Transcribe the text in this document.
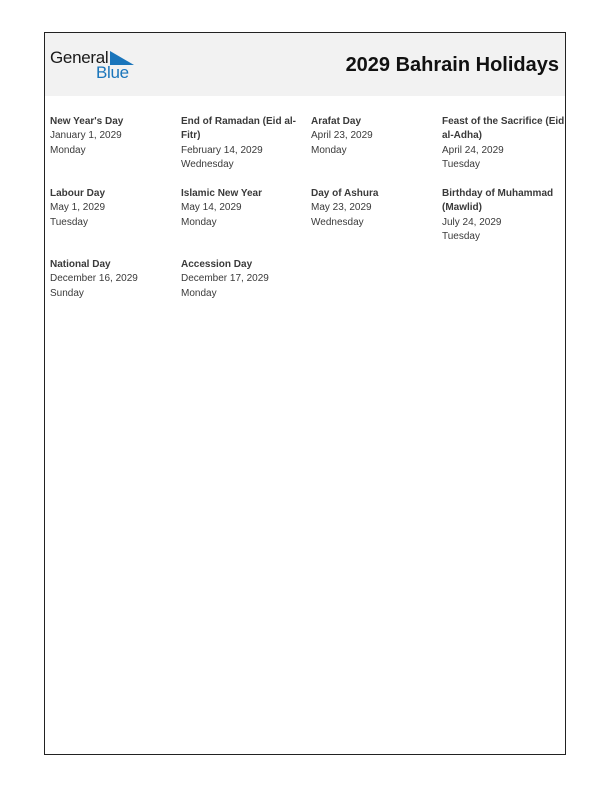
General
Blue	2029 Bahrain Holidays
New Year's Day
January 1, 2029
Monday
End of Ramadan (Eid al-Fitr)
February 14, 2029
Wednesday
Arafat Day
April 23, 2029
Monday
Feast of the Sacrifice (Eid al-Adha)
April 24, 2029
Tuesday
Labour Day
May 1, 2029
Tuesday
Islamic New Year
May 14, 2029
Monday
Day of Ashura
May 23, 2029
Wednesday
Birthday of Muhammad (Mawlid)
July 24, 2029
Tuesday
National Day
December 16, 2029
Sunday
Accession Day
December 17, 2029
Monday
